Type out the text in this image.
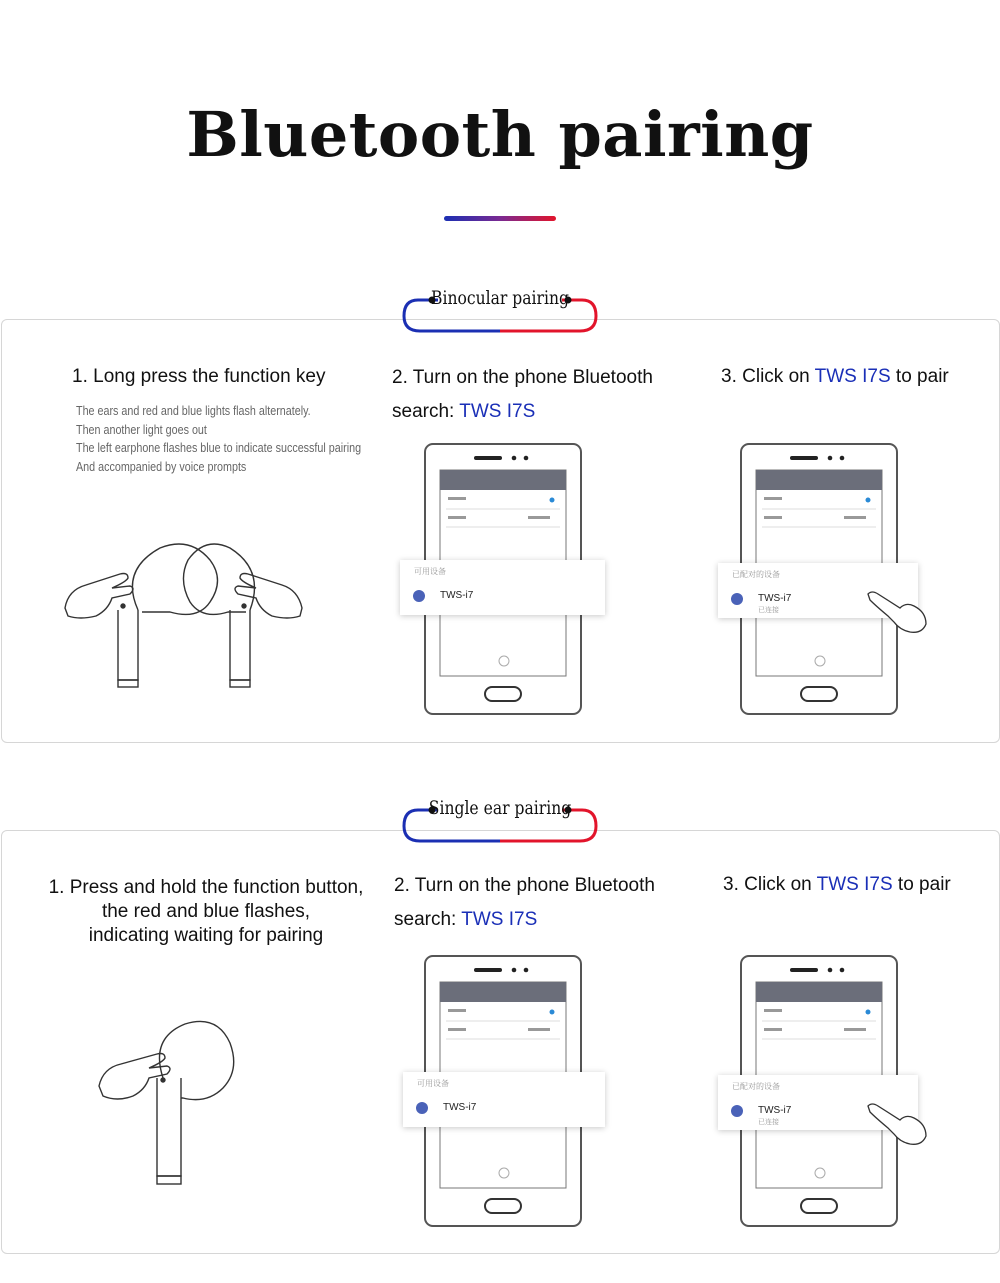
Bluetooth pairing
Binocular pairing
Single ear pairing
1. Long press the function key
The ears and red and blue lights flash alternately.
Then another light goes out
The left earphone flashes blue to indicate successful pairing
And accompanied by voice prompts
2. Turn on the phone Bluetooth
search: TWS I7S
3. Click on TWS I7S to pair
1. Press and hold the function button,
the red and blue flashes,
indicating waiting for pairing
2. Turn on the phone Bluetooth
search: TWS I7S
3. Click on TWS I7S to pair
可用设备
TWS-i7
已配对的设备
TWS-i7
已连接
可用设备
TWS-i7
已配对的设备
TWS-i7
已连接
